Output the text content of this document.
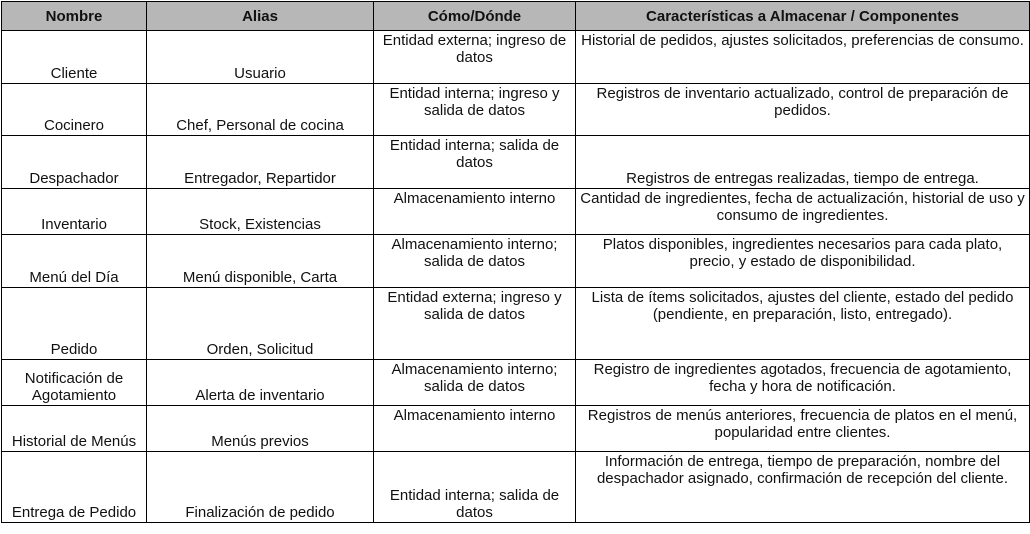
Nombre	Alias	Cómo/Dónde	Características a Almacenar / Componentes
Cliente	Usuario	Entidad externa; ingreso de datos	Historial de pedidos, ajustes solicitados, preferencias de consumo.
Cocinero	Chef, Personal de cocina	Entidad interna; ingreso y salida de datos	Registros de inventario actualizado, control de preparación de pedidos.
Despachador	Entregador, Repartidor	Entidad interna; salida de datos	Registros de entregas realizadas, tiempo de entrega.
Inventario	Stock, Existencias	Almacenamiento interno	Cantidad de ingredientes, fecha de actualización, historial de uso y consumo de ingredientes.
Menú del Día	Menú disponible, Carta	Almacenamiento interno; salida de datos	Platos disponibles, ingredientes necesarios para cada plato, precio, y estado de disponibilidad.
Pedido	Orden, Solicitud	Entidad externa; ingreso y salida de datos	Lista de ítems solicitados, ajustes del cliente, estado del pedido (pendiente, en preparación, listo, entregado).
Notificación de Agotamiento	Alerta de inventario	Almacenamiento interno; salida de datos	Registro de ingredientes agotados, frecuencia de agotamiento, fecha y hora de notificación.
Historial de Menús	Menús previos	Almacenamiento interno	Registros de menús anteriores, frecuencia de platos en el menú, popularidad entre clientes.
Entrega de Pedido	Finalización de pedido	Entidad interna; salida de datos	Información de entrega, tiempo de preparación, nombre del despachador asignado, confirmación de recepción del cliente.
